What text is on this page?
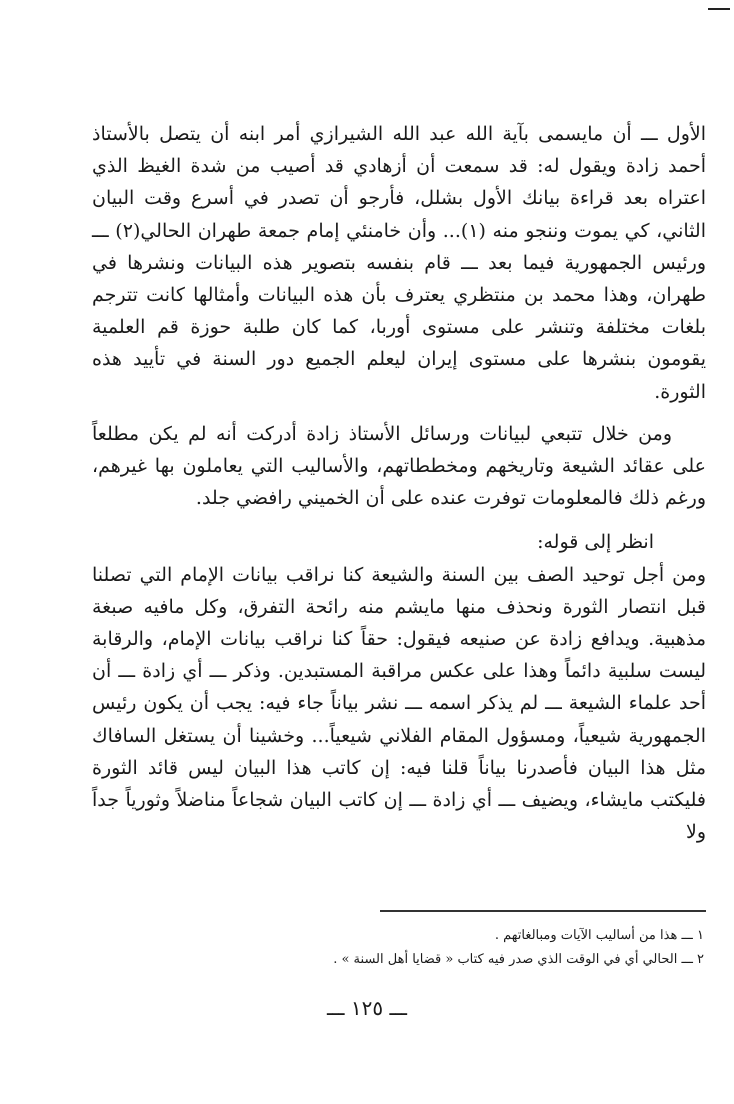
الأول ـــ أن مايسمى بآية الله عبد الله الشيرازي أمر ابنه أن يتصل بالأستاذ أحمد زادة ويقول له: قد سمعت أن أزهادي قد أصيب من شدة الغيظ الذي اعتراه بعد قراءة بيانك الأول بشلل، فأرجو أن تصدر في أسرع وقت البيان الثاني، كي يموت وننجو منه (١)... وأن خامنئي إمام جمعة طهران الحالي(٢) ـــ ورئيس الجمهورية فيما بعد ـــ قام بنفسه بتصوير هذه البيانات ونشرها في طهران، وهذا محمد بن منتظري يعترف بأن هذه البيانات وأمثالها كانت تترجم بلغات مختلفة وتنشر على مستوى أوربا، كما كان طلبة حوزة قم العلمية يقومون بنشرها على مستوى إيران ليعلم الجميع دور السنة في تأييد هذه الثورة.

ومن خلال تتبعي لبيانات ورسائل الأستاذ زادة أدركت أنه لم يكن مطلعاً على عقائد الشيعة وتاريخهم ومخططاتهم، والأساليب التي يعاملون بها غيرهم، ورغم ذلك فالمعلومات توفرت عنده على أن الخميني رافضي جلد.

انظر إلى قوله:

ومن أجل توحيد الصف بين السنة والشيعة كنا نراقب بيانات الإمام التي تصلنا قبل انتصار الثورة ونحذف منها مايشم منه رائحة التفرق، وكل مافيه صبغة مذهبية. ويدافع زادة عن صنيعه فيقول: حقاً كنا نراقب بيانات الإمام، والرقابة ليست سلبية دائماً وهذا على عكس مراقبة المستبدين. وذكر ـــ أي زادة ـــ أن أحد علماء الشيعة ـــ لم يذكر اسمه ـــ نشر بياناً جاء فيه: يجب أن يكون رئيس الجمهورية شيعياً، ومسؤول المقام الفلاني شيعياً... وخشينا أن يستغل السافاك مثل هذا البيان فأصدرنا بياناً قلنا فيه: إن كاتب هذا البيان ليس قائد الثورة فليكتب مايشاء، ويضيف ـــ أي زادة ـــ إن كاتب البيان شجاعاً مناضلاً وثورياً جداً ولا

١ ـــ هذا من أساليب الآيات ومبالغاتهم .

٢ ـــ الحالي أي في الوقت الذي صدر فيه كتاب « قضايا أهل السنة » .

ـــ ١٢٥ ـــ
